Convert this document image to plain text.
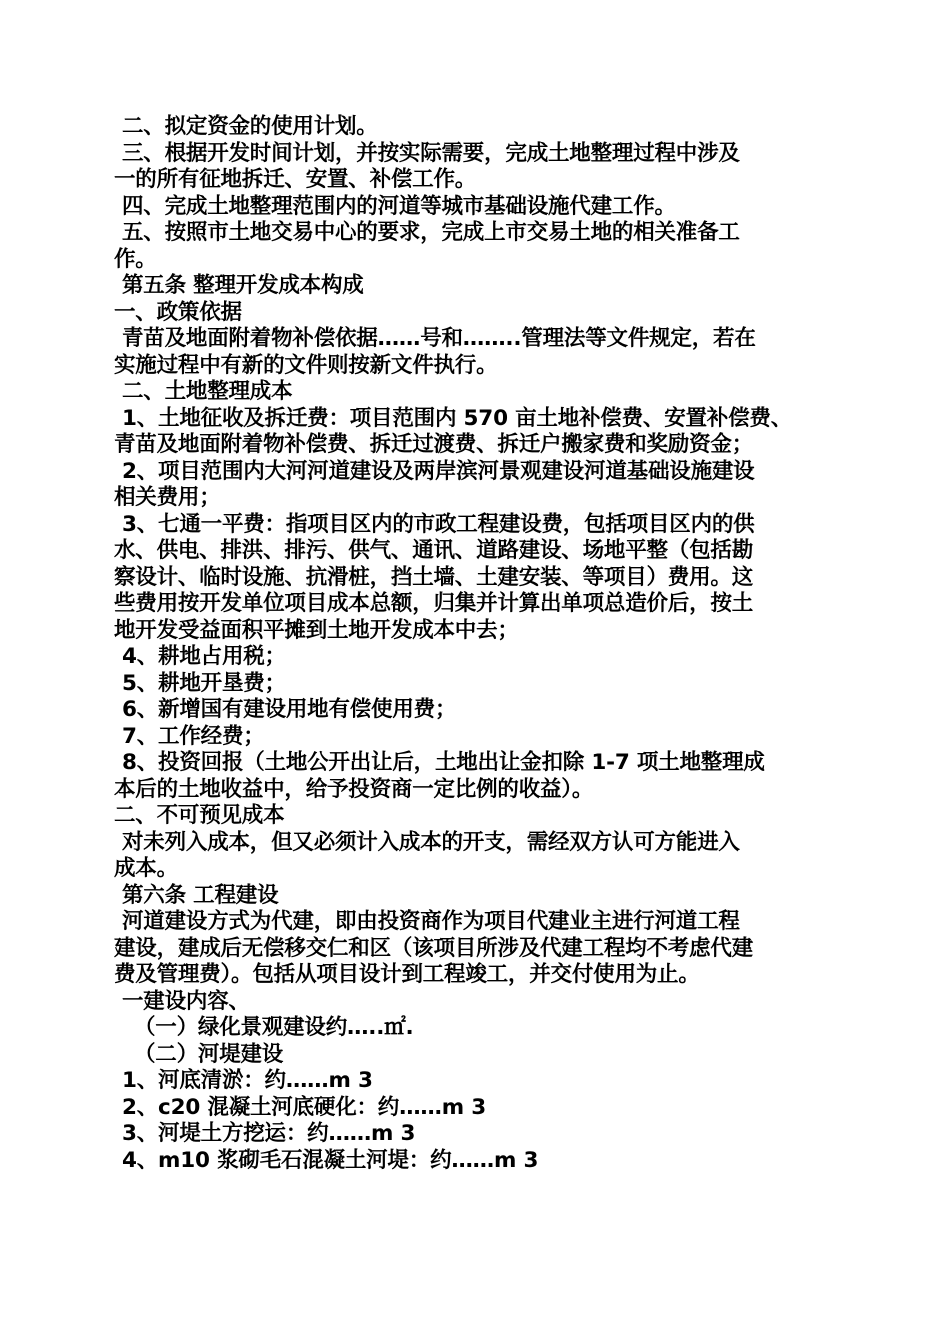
二、拟定资金的使用计划。

三、根据开发时间计划，并按实际需要，完成土地整理过程中涉及

一的所有征地拆迁、安置、补偿工作。

四、完成土地整理范围内的河道等城市基础设施代建工作。

五、按照市土地交易中心的要求，完成上市交易土地的相关准备工

作。

第五条 整理开发成本构成

一、政策依据

青苗及地面附着物补偿依据……号和……..管理法等文件规定，若在

实施过程中有新的文件则按新文件执行。

二、土地整理成本

1、土地征收及拆迁费：项目范围内 570 亩土地补偿费、安置补偿费、

青苗及地面附着物补偿费、拆迁过渡费、拆迁户搬家费和奖励资金；

2、项目范围内大河河道建设及两岸滨河景观建设河道基础设施建设

相关费用；

3、七通一平费：指项目区内的市政工程建设费，包括项目区内的供

水、供电、排洪、排污、供气、通讯、道路建设、场地平整（包括勘

察设计、临时设施、抗滑桩，挡土墙、土建安装、等项目）费用。这

些费用按开发单位项目成本总额，归集并计算出单项总造价后，按土

地开发受益面积平摊到土地开发成本中去；

4、耕地占用税；

5、耕地开垦费；

6、新增国有建设用地有偿使用费；

7、工作经费；

8、投资回报（土地公开出让后，土地出让金扣除 1-7 项土地整理成

本后的土地收益中，给予投资商一定比例的收益）。

二、不可预见成本

对未列入成本，但又必须计入成本的开支，需经双方认可方能进入

成本。

第六条 工程建设

河道建设方式为代建，即由投资商作为项目代建业主进行河道工程

建设，建成后无偿移交仁和区（该项目所涉及代建工程均不考虑代建

费及管理费）。包括从项目设计到工程竣工，并交付使用为止。

一建设内容、

（一）绿化景观建设约…..㎡.

（二）河堤建设

1、河底清淤：约……m 3

2、c20 混凝土河底硬化：约……m 3

3、河堤土方挖运：约……m 3

4、m10 浆砌毛石混凝土河堤：约……m 3
